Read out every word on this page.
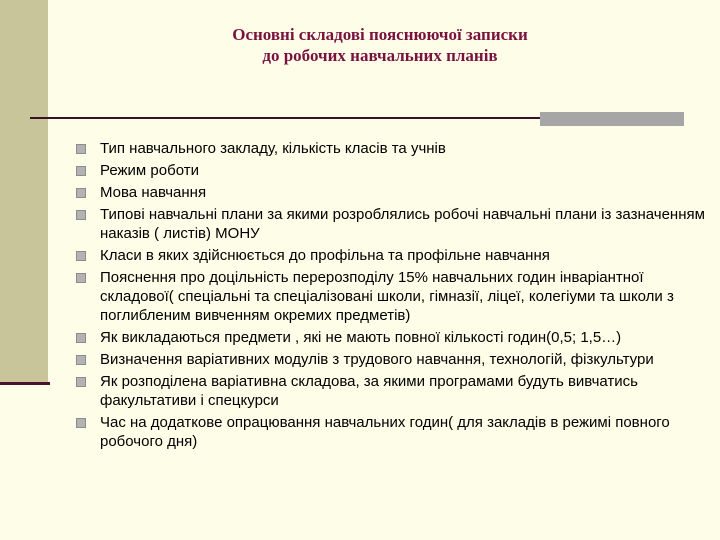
Основні складові пояснюючої записки
до робочих навчальних планів
Тип навчального закладу, кількість класів та учнів
Режим роботи
Мова навчання
Типові навчальні плани за якими розроблялись робочі навчальні плани із зазначенням наказів ( листів) МОНУ
Класи в яких здійснюється до профільна та профільне навчання
Пояснення про доцільність перерозподілу 15% навчальних годин інваріантної складової( спеціальні та спеціалізовані школи, гімназії, ліцеї, колегіуми та школи з поглибленим вивченням окремих предметів)
Як викладаються предмети , які не мають повної кількості годин(0,5; 1,5…)
Визначення варіативних модулів з трудового навчання, технологій, фізкультури
Як розподілена варіативна складова, за якими програмами будуть вивчатись факультативи і спецкурси
Час на додаткове опрацювання навчальних годин( для закладів в режимі повного робочого дня)
